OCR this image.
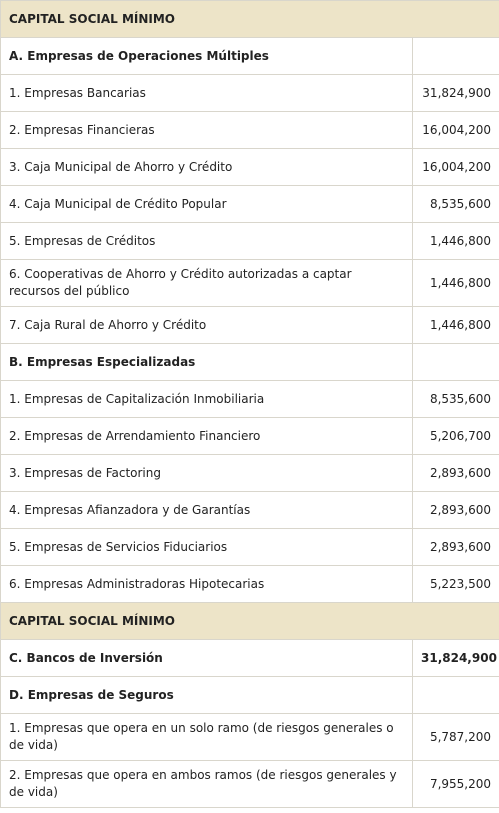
CAPITAL SOCIAL MÍNIMO	
A. Empresas de Operaciones Múltiples	
1. Empresas Bancarias	31,824,900
2. Empresas Financieras	16,004,200
3. Caja Municipal de Ahorro y Crédito	16,004,200
4. Caja Municipal de Crédito Popular	8,535,600
5. Empresas de Créditos	1,446,800
6. Cooperativas de Ahorro y Crédito autorizadas a captar recursos del público	1,446,800
7. Caja Rural de Ahorro y Crédito	1,446,800
B. Empresas Especializadas	
1. Empresas de Capitalización Inmobiliaria	8,535,600
2. Empresas de Arrendamiento Financiero	5,206,700
3. Empresas de Factoring	2,893,600
4. Empresas Afianzadora y de Garantías	2,893,600
5. Empresas de Servicios Fiduciarios	2,893,600
6. Empresas Administradoras Hipotecarias	5,223,500
CAPITAL SOCIAL MÍNIMO	
C. Bancos de Inversión	31,824,900
D. Empresas de Seguros	
1. Empresas que opera en un solo ramo (de riesgos generales o de vida)	5,787,200
2. Empresas que opera en ambos ramos (de riesgos generales y de vida)	7,955,200
